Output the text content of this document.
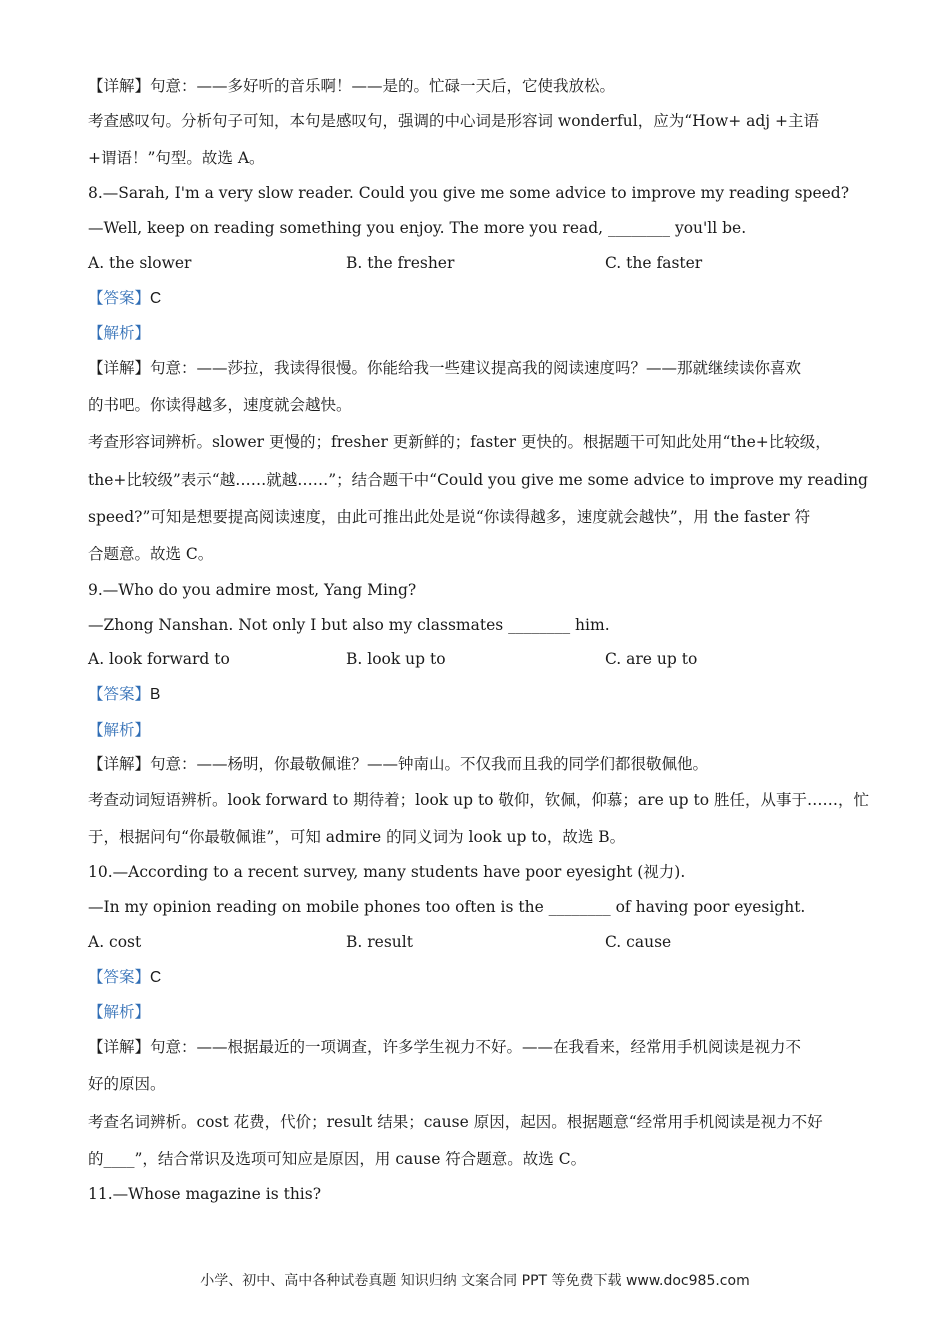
【详解】句意：——多好听的音乐啊！——是的。忙碌一天后，它使我放松。
考查感叹句。分析句子可知，本句是感叹句，强调的中心词是形容词 wonderful，应为“How+ adj +主语
+谓语！”句型。故选 A。
8.—Sarah, I'm a very slow reader. Could you give me some advice to improve my reading speed?
—Well, keep on reading something you enjoy. The more you read, ________ you'll be.
A. the slower	B. the fresher	C. the faster
【答案】C
【解析】
【详解】句意：——莎拉，我读得很慢。你能给我一些建议提高我的阅读速度吗？——那就继续读你喜欢
的书吧。你读得越多，速度就会越快。
考查形容词辨析。slower 更慢的；fresher 更新鲜的；faster 更快的。根据题干可知此处用“the+比较级，
the+比较级”表示“越……就越……”；结合题干中“Could you give me some advice to improve my reading
speed?”可知是想要提高阅读速度，由此可推出此处是说“你读得越多，速度就会越快”，用 the faster 符
合题意。故选 C。
9.—Who do you admire most, Yang Ming?
—Zhong Nanshan. Not only I but also my classmates ________ him.
A. look forward to	B. look up to	C. are up to
【答案】B
【解析】
【详解】句意：——杨明，你最敬佩谁？——钟南山。不仅我而且我的同学们都很敬佩他。
考查动词短语辨析。look forward to 期待着；look up to 敬仰，钦佩，仰慕；are up to 胜任，从事于……，忙
于，根据问句“你最敬佩谁”，可知 admire 的同义词为 look up to，故选 B。
10.—According to a recent survey, many students have poor eyesight (视力).
—In my opinion reading on mobile phones too often is the ________ of having poor eyesight.
A. cost	B. result	C. cause
【答案】C
【解析】
【详解】句意：——根据最近的一项调查，许多学生视力不好。——在我看来，经常用手机阅读是视力不
好的原因。
考查名词辨析。cost 花费，代价；result 结果；cause 原因，起因。根据题意“经常用手机阅读是视力不好
的____”，结合常识及选项可知应是原因，用 cause 符合题意。故选 C。
11.—Whose magazine is this?
小学、初中、高中各种试卷真题 知识归纳 文案合同 PPT 等免费下载 www.doc985.com
